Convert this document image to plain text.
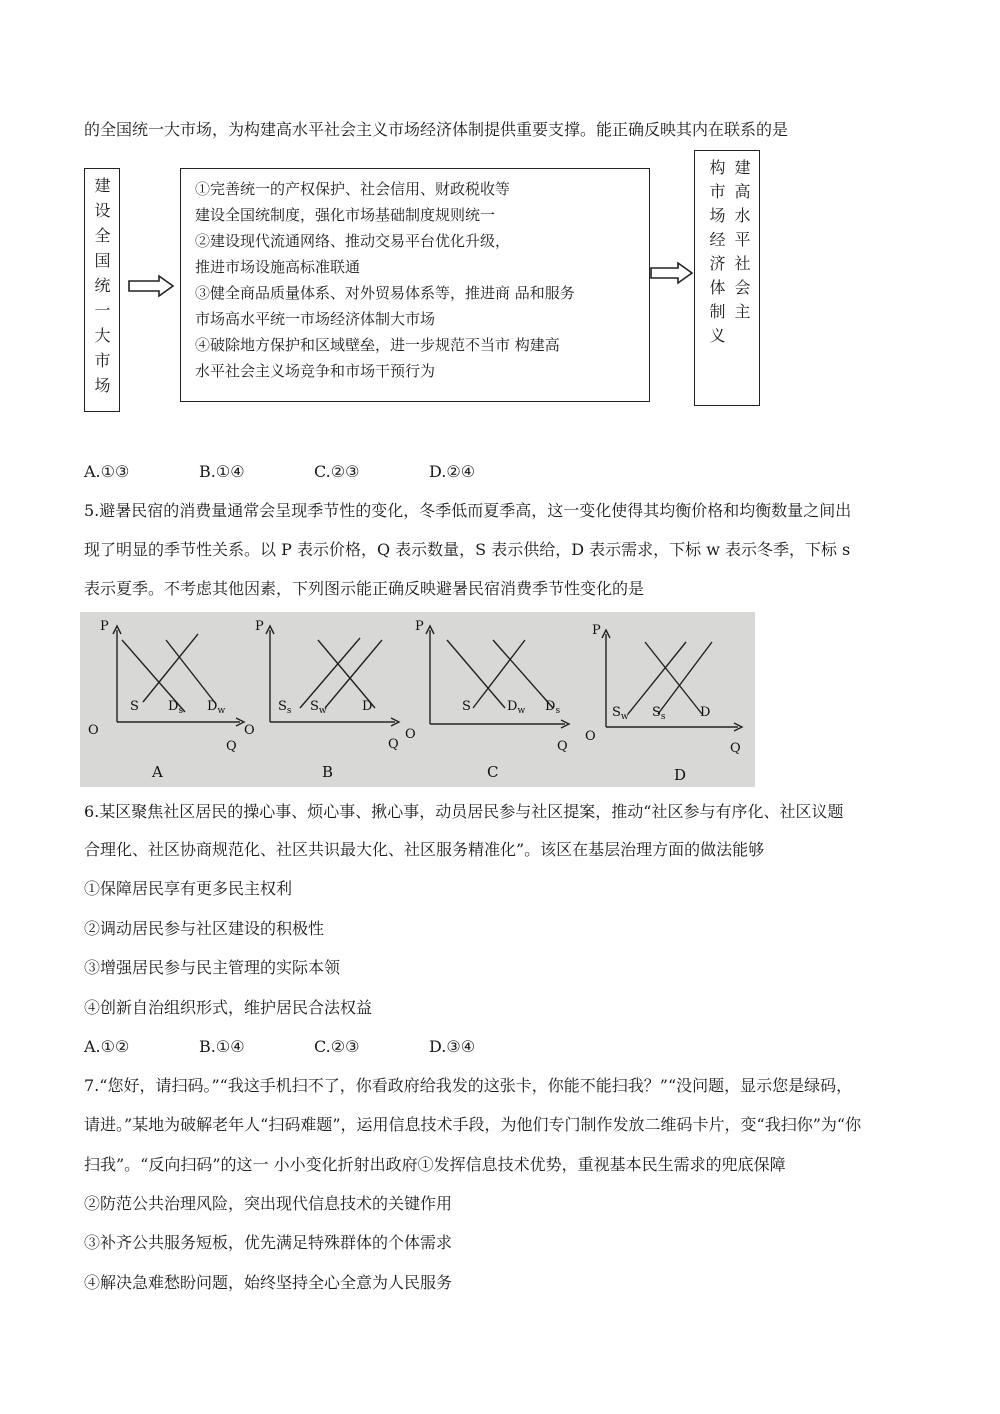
的全国统一大市场，为构建高水平社会主义市场经济体制提供重要支撑。能正确反映其内在联系的是
建设全国统一大市场	①完善统一的产权保护、社会信用、财政税收等
建设全国统制度，强化市场基础制度规则统一
②建设现代流通网络、推动交易平台优化升级，
推进市场设施高标准联通
③健全商品质量体系、对外贸易体系等，推进商 品和服务
市场高水平统一市场经济体制大市场
④破除地方保护和区域壁垒，进一步规范不当市 构建高
水平社会主义场竞争和市场干预行为
建高水平社会主
构市场经济体制义
A.①③	B.①④	C.②③	D.②④
5.避暑民宿的消费量通常会呈现季节性的变化，冬季低而夏季高，这一变化使得其均衡价格和均衡数量之间出
现了明显的季节性关系。以 P 表示价格，Q 表示数量，S 表示供给，D 表示需求，下标 w 表示冬季，下标 s
表示夏季。不考虑其他因素，下列图示能正确反映避暑民宿消费季节性变化的是
P
O
Q
S $D_s$ $D_w$
A
P
O
Q
$S_s$ $S_w$	D
B
P
O
Q
S	$D_w$ $D_s$
C
P
O
Q
$S_w$ $S_s$	D
D
6.某区聚焦社区居民的操心事、烦心事、揪心事，动员居民参与社区提案，推动“社区参与有序化、社区议题
合理化、社区协商规范化、社区共识最大化、社区服务精准化”。该区在基层治理方面的做法能够
①保障居民享有更多民主权利
②调动居民参与社区建设的积极性
③增强居民参与民主管理的实际本领
④创新自治组织形式，维护居民合法权益
A.①②	B.①④	C.②③	D.③④
7.“您好，请扫码。”“我这手机扫不了，你看政府给我发的这张卡，你能不能扫我？”“没问题，显示您是绿码，
请进。”某地为破解老年人“扫码难题”，运用信息技术手段，为他们专门制作发放二维码卡片，变“我扫你”为“你
扫我”。“反向扫码”的这一 小小变化折射出政府①发挥信息技术优势，重视基本民生需求的兜底保障
②防范公共治理风险，突出现代信息技术的关键作用
③补齐公共服务短板，优先满足特殊群体的个体需求
④解决急难愁盼问题，始终坚持全心全意为人民服务
